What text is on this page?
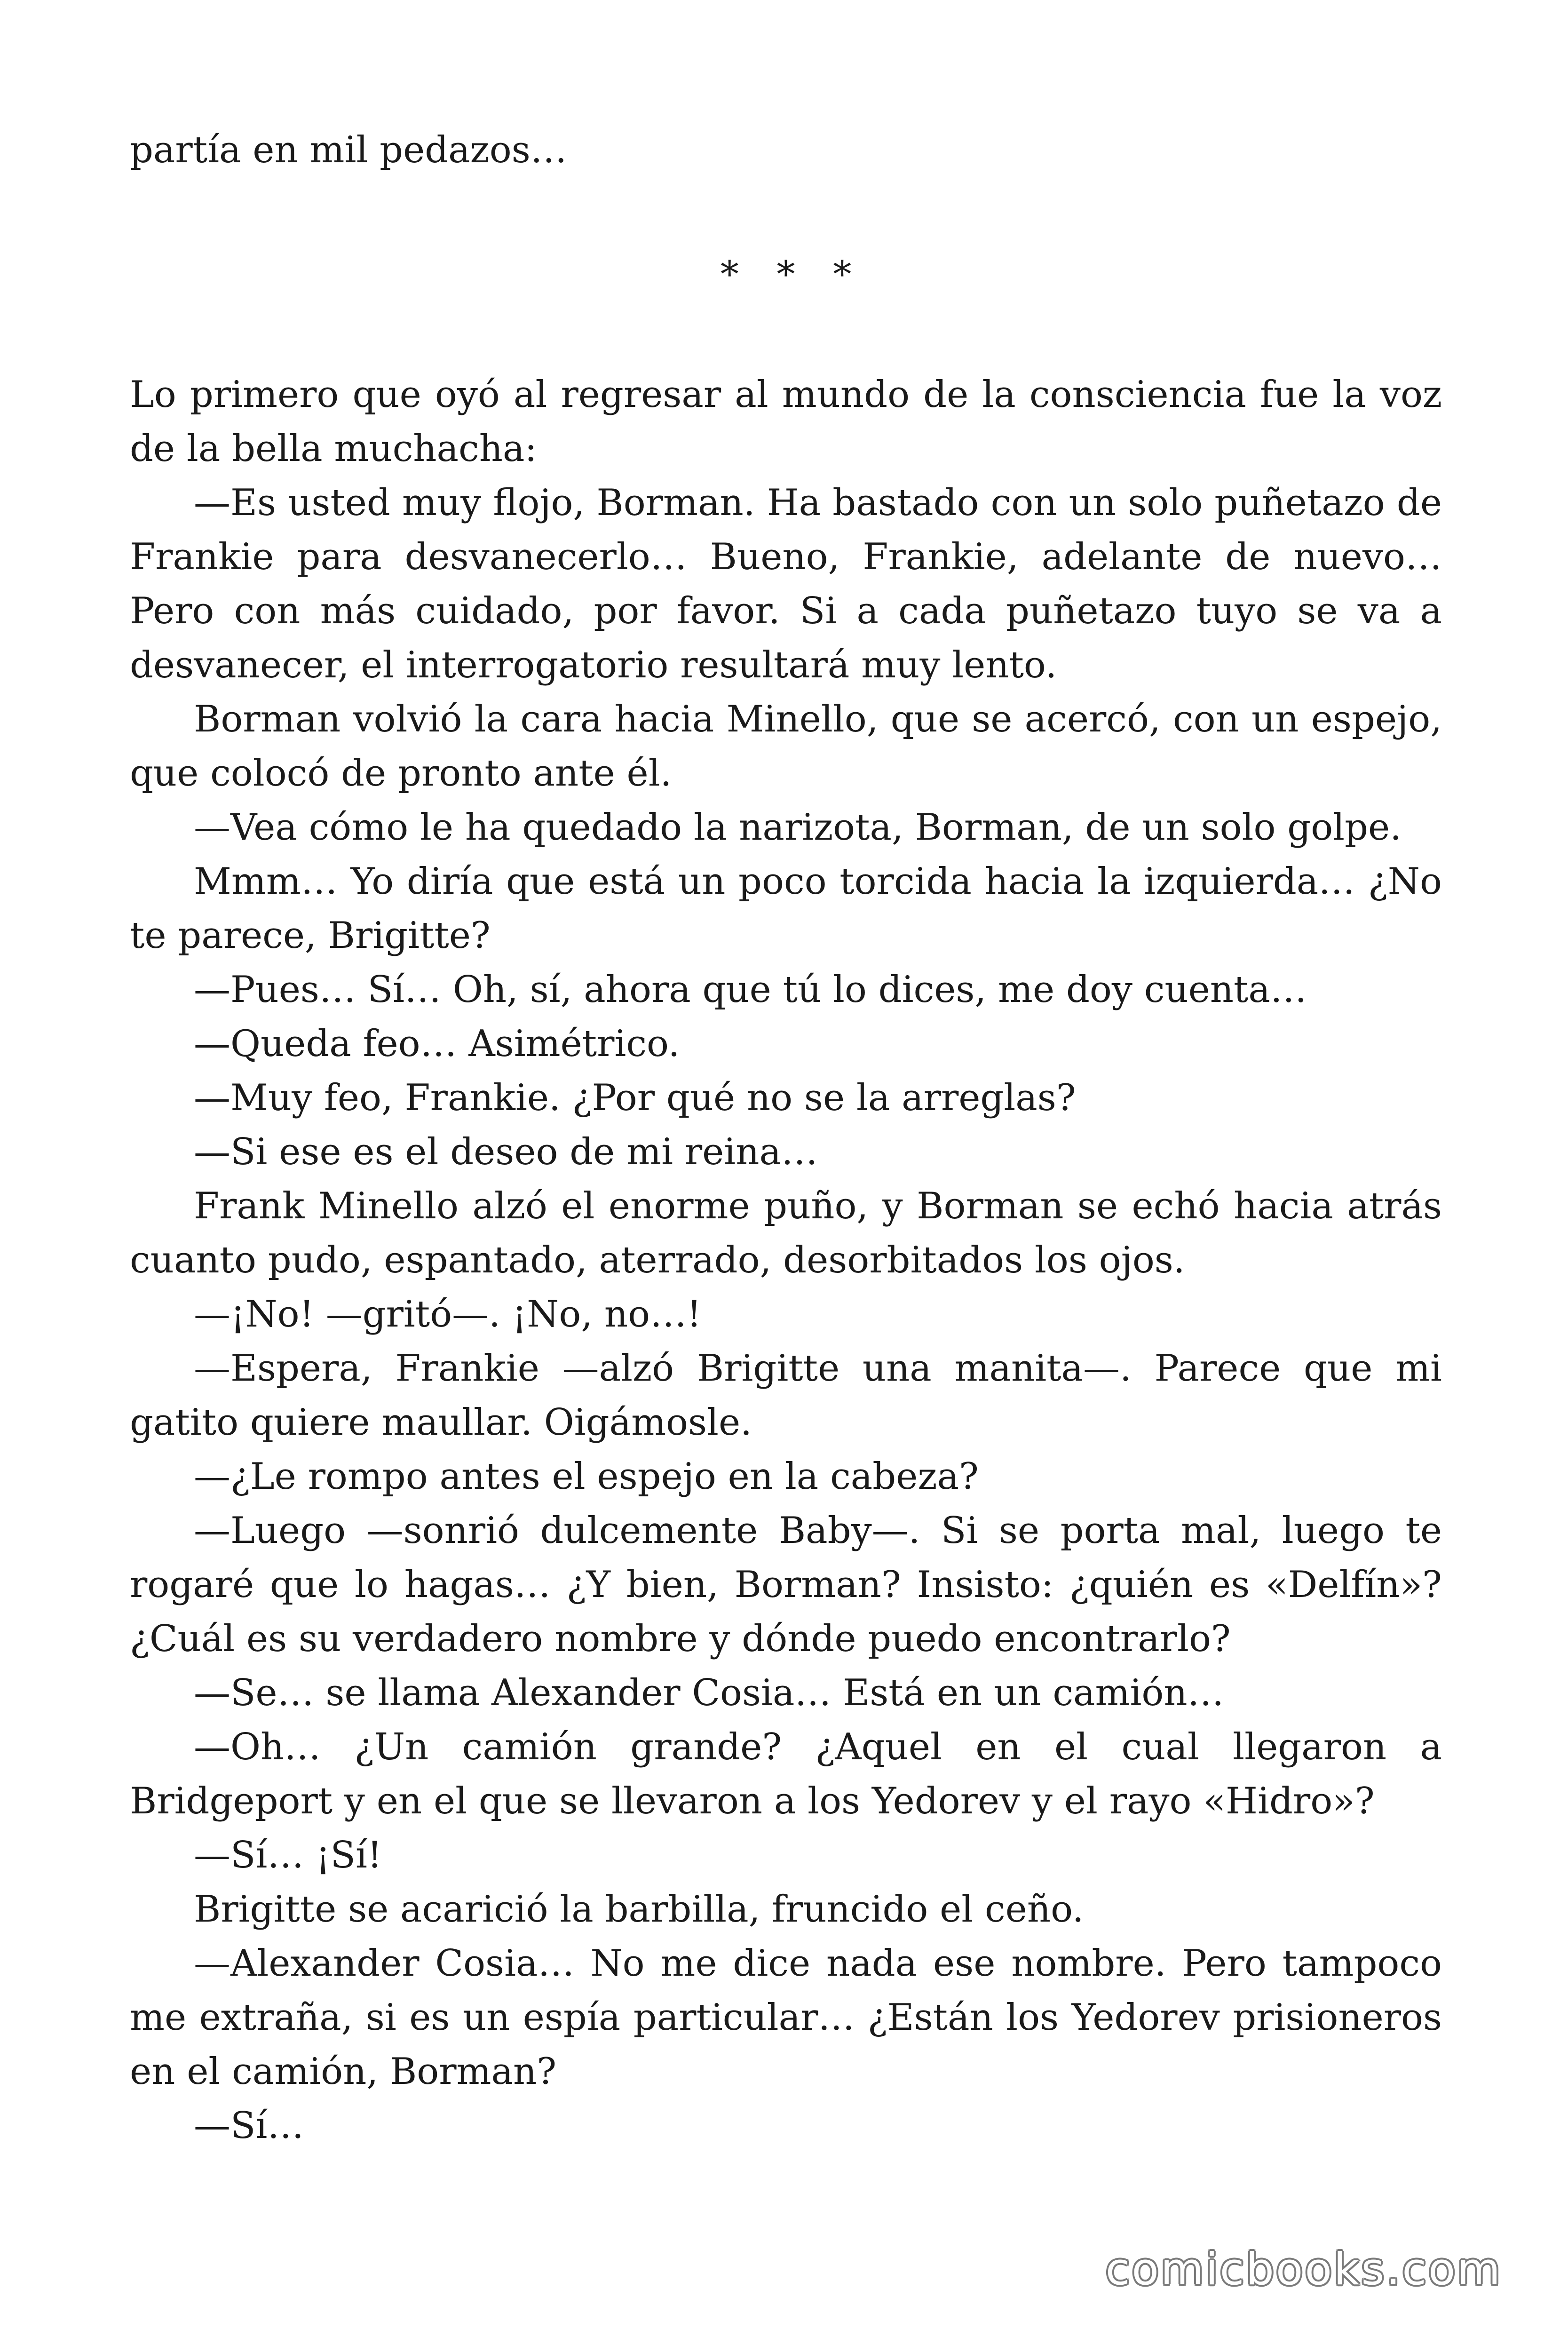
partía en mil pedazos…

* * *

Lo primero que oyó al regresar al mundo de la consciencia fue la voz de la bella muchacha:

—Es usted muy flojo, Borman. Ha bastado con un solo puñetazo de Frankie para desvanecerlo… Bueno, Frankie, adelante de nuevo… Pero con más cuidado, por favor. Si a cada puñetazo tuyo se va a desvanecer, el interrogatorio resultará muy lento.

Borman volvió la cara hacia Minello, que se acercó, con un espejo, que colocó de pronto ante él.

—Vea cómo le ha quedado la narizota, Borman, de un solo golpe.

Mmm… Yo diría que está un poco torcida hacia la izquierda… ¿No te parece, Brigitte?

—Pues… Sí… Oh, sí, ahora que tú lo dices, me doy cuenta…

—Queda feo… Asimétrico.

—Muy feo, Frankie. ¿Por qué no se la arreglas?

—Si ese es el deseo de mi reina…

Frank Minello alzó el enorme puño, y Borman se echó hacia atrás cuanto pudo, espantado, aterrado, desorbitados los ojos.

—¡No! —gritó—. ¡No, no…!

—Espera, Frankie —alzó Brigitte una manita—. Parece que mi gatito quiere maullar. Oigámosle.

—¿Le rompo antes el espejo en la cabeza?

—Luego —sonrió dulcemente Baby—. Si se porta mal, luego te rogaré que lo hagas… ¿Y bien, Borman? Insisto: ¿quién es «Delfín»? ¿Cuál es su verdadero nombre y dónde puedo encontrarlo?

—Se… se llama Alexander Cosia… Está en un camión…

—Oh… ¿Un camión grande? ¿Aquel en el cual llegaron a Bridgeport y en el que se llevaron a los Yedorev y el rayo «Hidro»?

—Sí… ¡Sí!

Brigitte se acarició la barbilla, fruncido el ceño.

—Alexander Cosia… No me dice nada ese nombre. Pero tampoco me extraña, si es un espía particular… ¿Están los Yedorev prisioneros en el camión, Borman?

—Sí…

comicbooks.com
